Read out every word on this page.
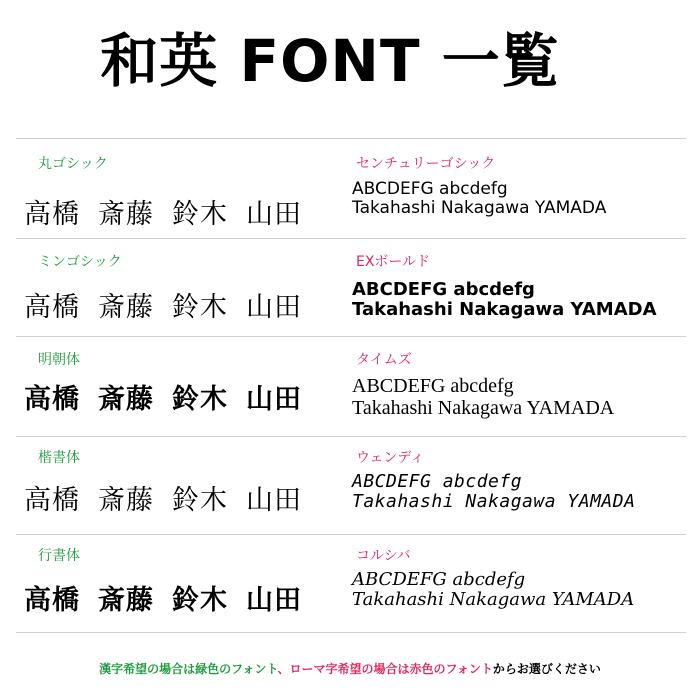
和英 FONT 一覧
丸ゴシック
高橋 斎藤 鈴木 山田
センチュリーゴシック
ABCDEFG abcdefg
Takahashi Nakagawa YAMADA
ミンゴシック
高橋 斎藤 鈴木 山田
EXボールド
ABCDEFG abcdefg
Takahashi Nakagawa YAMADA
明朝体
高橋 斎藤 鈴木 山田
タイムズ
ABCDEFG abcdefg
Takahashi Nakagawa YAMADA
楷書体
高橋 斎藤 鈴木 山田
ウェンディ
ABCDEFG abcdefg
Takahashi Nakagawa YAMADA
行書体
高橋 斎藤 鈴木 山田
コルシバ
ABCDEFG abcdefg
Takahashi Nakagawa YAMADA
漢字希望の場合は緑色のフォント、ローマ字希望の場合は赤色のフォントからお選びください
